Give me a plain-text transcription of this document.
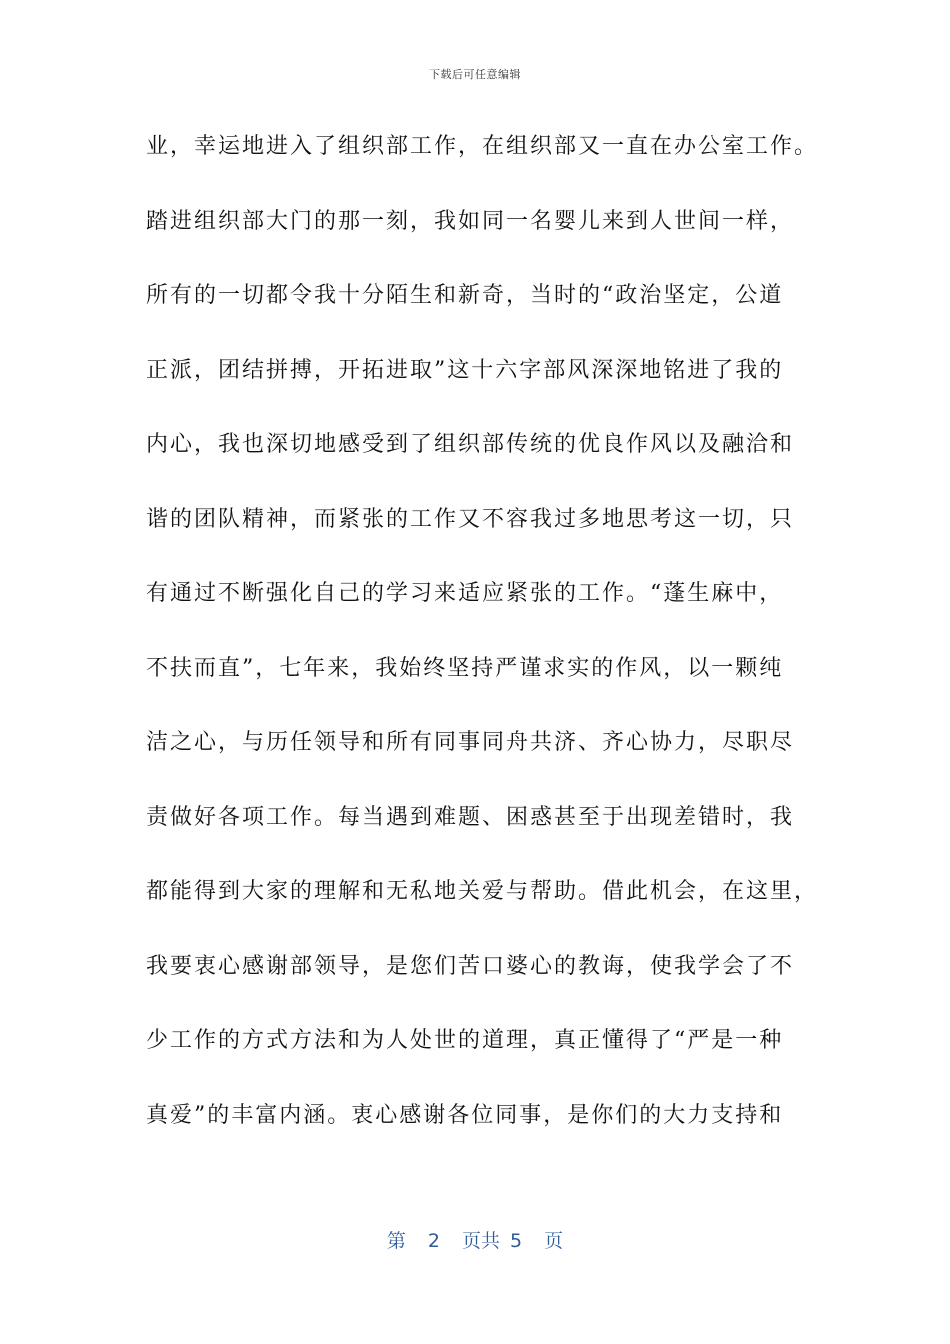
下载后可任意编辑
业，幸运地进入了组织部工作，在组织部又一直在办公室工作。
踏进组织部大门的那一刻，我如同一名婴儿来到人世间一样，
所有的一切都令我十分陌生和新奇，当时的“政治坚定，公道
正派，团结拼搏，开拓进取”这十六字部风深深地铭进了我的
内心，我也深切地感受到了组织部传统的优良作风以及融洽和
谐的团队精神，而紧张的工作又不容我过多地思考这一切，只
有通过不断强化自己的学习来适应紧张的工作。“蓬生麻中，
不扶而直”，七年来，我始终坚持严谨求实的作风，以一颗纯
洁之心，与历任领导和所有同事同舟共济、齐心协力，尽职尽
责做好各项工作。每当遇到难题、困惑甚至于出现差错时，我
都能得到大家的理解和无私地关爱与帮助。借此机会，在这里，
我要衷心感谢部领导，是您们苦口婆心的教诲，使我学会了不
少工作的方式方法和为人处世的道理，真正懂得了“严是一种
真爱”的丰富内涵。衷心感谢各位同事，是你们的大力支持和
第 2 页共 5 页
